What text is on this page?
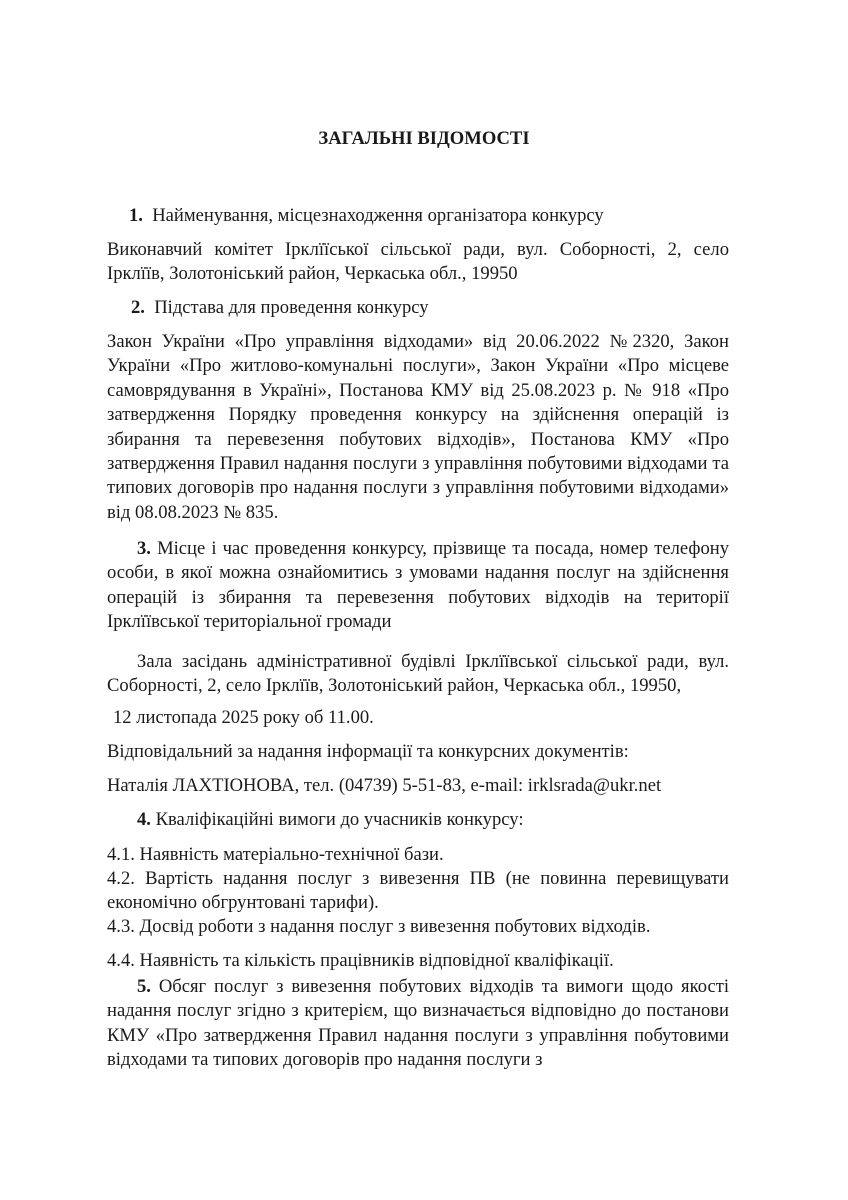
ЗАГАЛЬНІ ВІДОМОСТІ

1. Найменування, місцезнаходження організатора конкурсу

Виконавчий комітет Ірклїїської сільської ради, вул. Соборності, 2, село

Ірклїїв, Золотоніський район, Черкаська обл., 19950

2. Підстава для проведення конкурсу

Закон України «Про управління відходами» від 20.06.2022 №2320, Закон України «Про житлово-комунальні послуги», Закон України «Про місцеве самоврядування в Україні», Постанова КМУ від 25.08.2023 р. № 918 «Про затвердження Порядку проведення конкурсу на здійснення операцій із збирання та перевезення побутових відходів», Постанова КМУ «Про затвердження Правил надання послуги з управління побутовими відходами та типових договорів про надання послуги з управління побутовими відходами» від 08.08.2023 № 835.

3. Місце і час проведення конкурсу, прізвище та посада, номер телефону особи, в якої можна ознайомитись з умовами надання послуг на здійснення операцій із збирання та перевезення побутових відходів на території Ірклїївської територіальної громади

Зала засідань адміністративної будівлі Ірклїївської сільської ради, вул. Соборності, 2, село Ірклїїв, Золотоніський район, Черкаська обл., 19950,

12 листопада 2025 року об 11.00.

Відповідальний за надання інформації та конкурсних документів:

Наталія ЛАХТІОНОВА, тел. (04739) 5-51-83, e-mail: irklsrada@ukr.net

4. Кваліфікаційні вимоги до учасників конкурсу:

4.1. Наявність матеріально-технічної бази.

4.2. Вартість надання послуг з вивезення ПВ (не повинна перевищувати економічно обгрунтовані тарифи).

4.3. Досвід роботи з надання послуг з вивезення побутових відходів.

4.4. Наявність та кількість працівників відповідної кваліфікації.

5. Обсяг послуг з вивезення побутових відходів та вимоги щодо якості надання послуг згідно з критерієм, що визначається відповідно до постанови КМУ «Про затвердження Правил надання послуги з управління побутовими відходами та типових договорів про надання послуги з
